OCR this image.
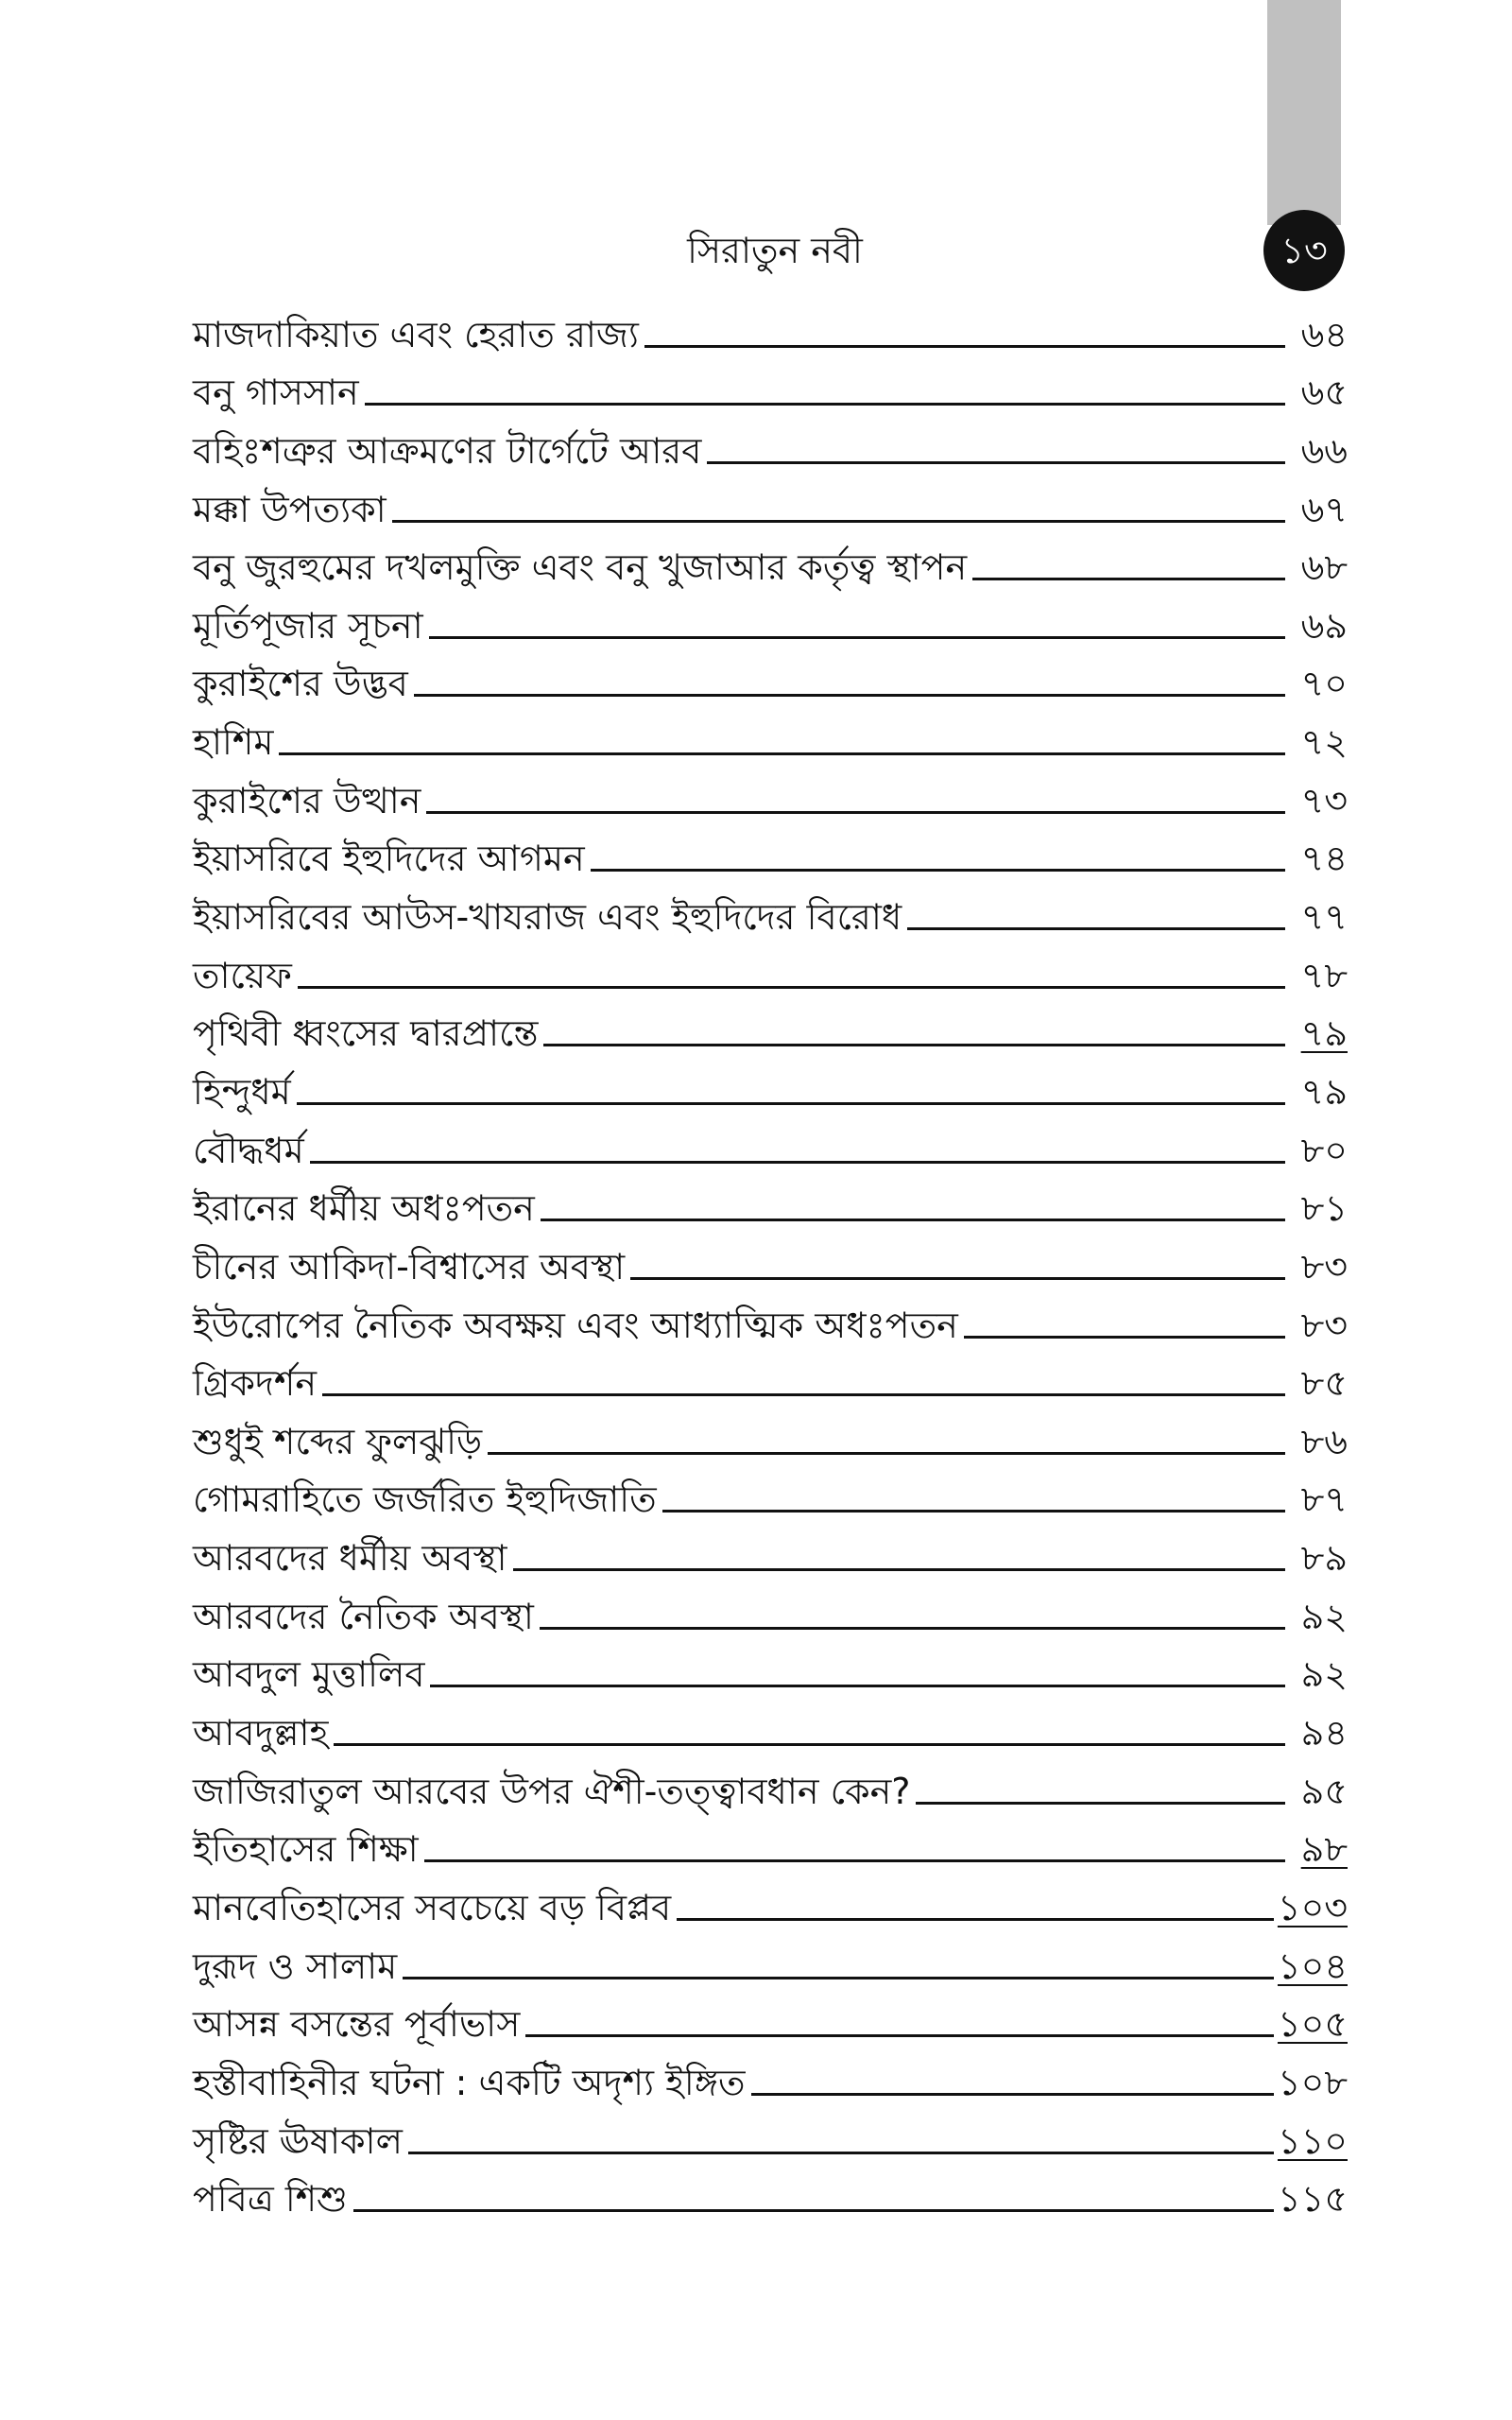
১৩
সিরাতুন নবী
মাজদাকিয়াত এবং হেরাত রাজ্য	৬৪
বনু গাসসান	৬৫
বহিঃশত্রুর আক্রমণের টার্গেটে আরব	৬৬
মক্কা উপত্যকা	৬৭
বনু জুরহুমের দখলমুক্তি এবং বনু খুজাআর কর্তৃত্ব স্থাপন	৬৮
মূর্তিপূজার সূচনা	৬৯
কুরাইশের উদ্ভব	৭০
হাশিম	৭২
কুরাইশের উত্থান	৭৩
ইয়াসরিবে ইহুদিদের আগমন	৭৪
ইয়াসরিবের আউস-খাযরাজ এবং ইহুদিদের বিরোধ	৭৭
তায়েফ	৭৮
পৃথিবী ধ্বংসের দ্বারপ্রান্তে	৭৯
হিন্দুধর্ম	৭৯
বৌদ্ধধর্ম	৮০
ইরানের ধর্মীয় অধঃপতন	৮১
চীনের আকিদা-বিশ্বাসের অবস্থা	৮৩
ইউরোপের নৈতিক অবক্ষয় এবং আধ্যাত্মিক অধঃপতন	৮৩
গ্রিকদর্শন	৮৫
শুধুই শব্দের ফুলঝুড়ি	৮৬
গোমরাহিতে জর্জরিত ইহুদিজাতি	৮৭
আরবদের ধর্মীয় অবস্থা	৮৯
আরবদের নৈতিক অবস্থা	৯২
আবদুল মুত্তালিব	৯২
আবদুল্লাহ	৯৪
জাজিরাতুল আরবের উপর ঐশী-তত্ত্বাবধান কেন?	৯৫
ইতিহাসের শিক্ষা	৯৮
মানবেতিহাসের সবচেয়ে বড় বিপ্লব	১০৩
দুরূদ ও সালাম	১০৪
আসন্ন বসন্তের পূর্বাভাস	১০৫
হস্তীবাহিনীর ঘটনা : একটি অদৃশ্য ইঙ্গিত	১০৮
সৃষ্টির ঊষাকাল	১১০
পবিত্র শিশু	১১৫
